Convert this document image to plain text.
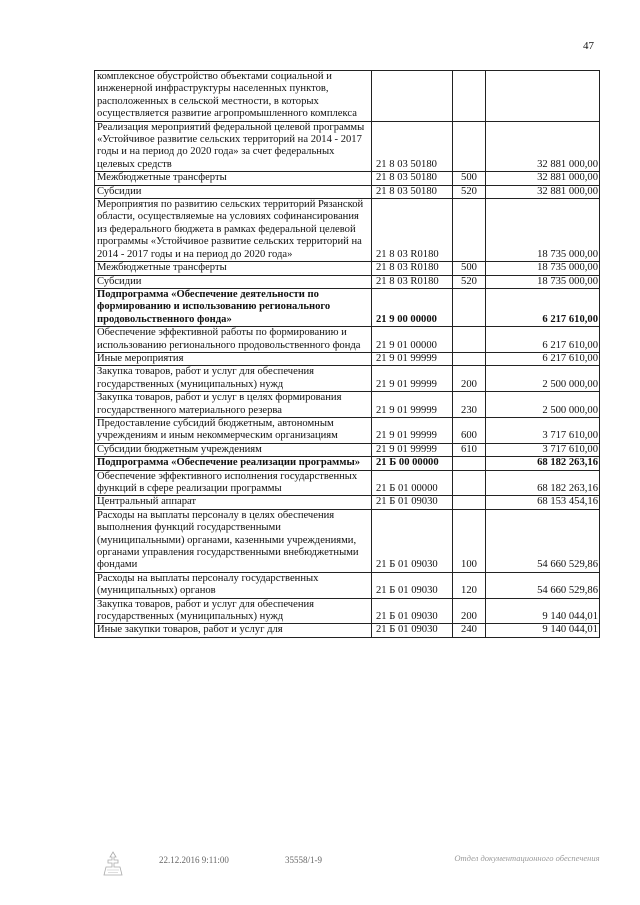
47
комплексное обустройство объектами социальной и инженерной инфраструктуры населенных пунктов, расположенных в сельской местности, в которых осуществляется развитие агропромышленного комплекса			
Реализация мероприятий федеральной целевой программы «Устойчивое развитие сельских территорий на 2014 - 2017 годы и на период до 2020 года» за счет федеральных целевых средств	21 8 03 50180		32 881 000,00
Межбюджетные трансферты	21 8 03 50180	500	32 881 000,00
Субсидии	21 8 03 50180	520	32 881 000,00
Мероприятия по развитию сельских территорий Рязанской области, осуществляемые на условиях софинансирования из федерального бюджета в рамках федеральной целевой программы «Устойчивое развитие сельских территорий на 2014 - 2017 годы и на период до 2020 года»	21 8 03 R0180		18 735 000,00
Межбюджетные трансферты	21 8 03 R0180	500	18 735 000,00
Субсидии	21 8 03 R0180	520	18 735 000,00
Подпрограмма «Обеспечение деятельности по формированию и использованию регионального продовольственного фонда»	21 9 00 00000		6 217 610,00
Обеспечение эффективной работы по формированию и использованию регионального продовольственного фонда	21 9 01 00000		6 217 610,00
Иные мероприятия	21 9 01 99999		6 217 610,00
Закупка товаров, работ и услуг для обеспечения государственных (муниципальных) нужд	21 9 01 99999	200	2 500 000,00
Закупка товаров, работ и услуг в целях формирования государственного материального резерва	21 9 01 99999	230	2 500 000,00
Предоставление субсидий бюджетным, автономным учреждениям и иным некоммерческим организациям	21 9 01 99999	600	3 717 610,00
Субсидии бюджетным учреждениям	21 9 01 99999	610	3 717 610,00
Подпрограмма «Обеспечение реализации программы»	21 Б 00 00000		68 182 263,16
Обеспечение эффективного исполнения государственных функций в сфере реализации программы	21 Б 01 00000		68 182 263,16
Центральный аппарат	21 Б 01 09030		68 153 454,16
Расходы на выплаты персоналу в целях обеспечения выполнения функций государственными (муниципальными) органами, казенными учреждениями, органами управления государственными внебюджетными фондами	21 Б 01 09030	100	54 660 529,86
Расходы на выплаты персоналу государственных (муниципальных) органов	21 Б 01 09030	120	54 660 529,86
Закупка товаров, работ и услуг для обеспечения государственных (муниципальных) нужд	21 Б 01 09030	200	9 140 044,01
Иные закупки товаров, работ и услуг для	21 Б 01 09030	240	9 140 044,01
22.12.2016 9:11:00	35558/1-9	Отдел документационного обеспечения
